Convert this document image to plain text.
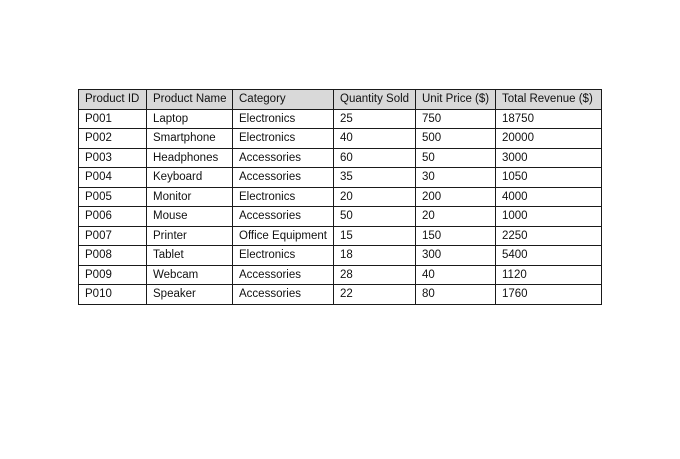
Product ID	Product Name	Category	Quantity Sold	Unit Price ($)	Total Revenue ($)
P001	Laptop	Electronics	25	750	18750
P002	Smartphone	Electronics	40	500	20000
P003	Headphones	Accessories	60	50	3000
P004	Keyboard	Accessories	35	30	1050
P005	Monitor	Electronics	20	200	4000
P006	Mouse	Accessories	50	20	1000
P007	Printer	Office Equipment	15	150	2250
P008	Tablet	Electronics	18	300	5400
P009	Webcam	Accessories	28	40	1120
P010	Speaker	Accessories	22	80	1760
